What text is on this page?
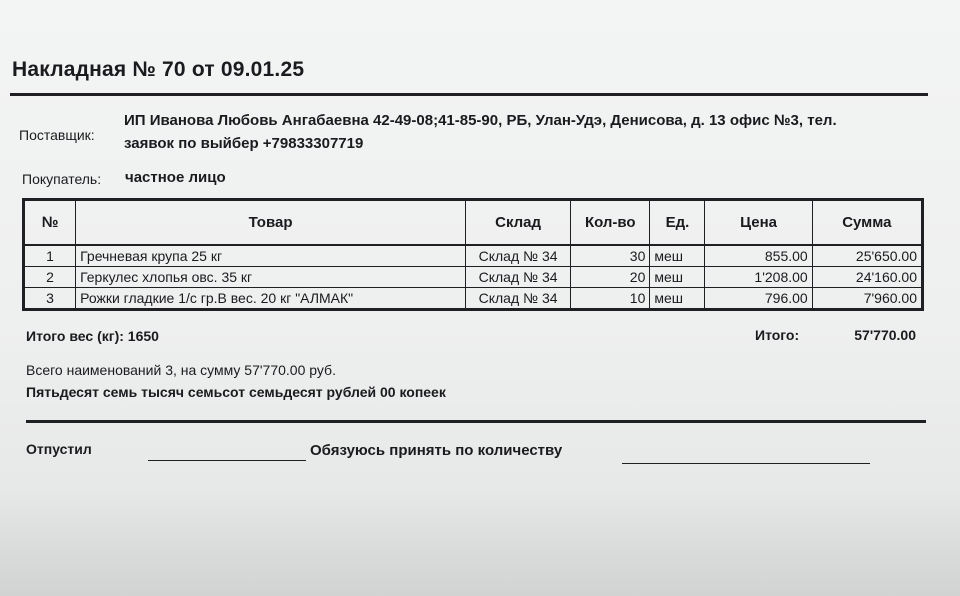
Накладная № 70 от 09.01.25
Поставщик:
ИП Иванова Любовь Ангабаевна 42-49-08;41-85-90, РБ, Улан-Удэ, Денисова, д. 13 офис №3, тел. заявок по выйбер +79833307719
Покупатель: частное лицо
№	Товар	Склад	Кол-во	Ед.	Цена	Сумма
1	Гречневая крупа 25 кг	Склад № 34	30	меш	855.00	25'650.00
2	Геркулес хлопья овс. 35 кг	Склад № 34	20	меш	1'208.00	24'160.00
3	Рожки гладкие 1/с гр.В вес. 20 кг "АЛМАК"	Склад № 34	10	меш	796.00	7'960.00
Итого вес (кг): 1650	Итого:	57'770.00
Всего наименований 3, на сумму 57'770.00 руб.
Пятьдесят семь тысяч семьсот семьдесят рублей 00 копеек
Отпустил	Обязуюсь принять по количеству
